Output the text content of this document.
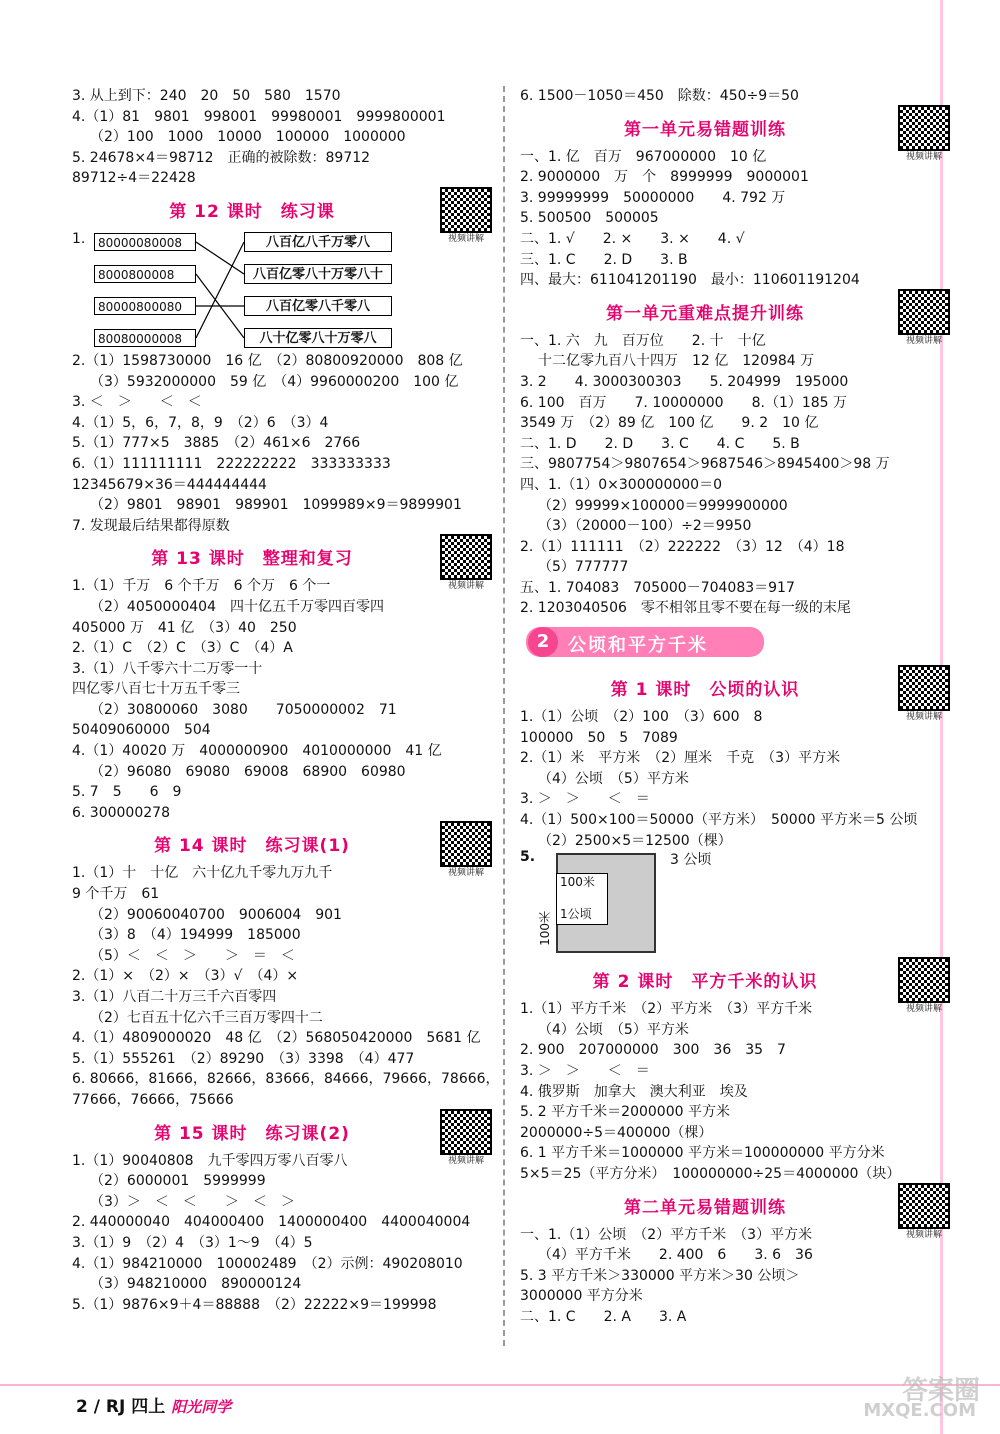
3. 从上到下：240　20　50　580　1570
4.（1）81　9801　998001　99980001　9999800001
（2）100　1000　10000　100000　1000000
5. 24678×4＝98712　正确的被除数：89712
89712÷4＝22428
第 12 课时　练习课
视频讲解
1.	80000080008
8000800008
80000800080
80080000008
八百亿八千万零八
八百亿零八十万零八十
八百亿零八千零八
八十亿零八十万零八
2.（1）1598730000　16 亿　（2）80800920000　808 亿
（3）5932000000　59 亿　（4）9960000200　100 亿
3. ＜　＞　　＜　＜
4.（1）5，6，7，8，9　（2）6　（3）4
5.（1）777×5　3885　（2）461×6　2766
6.（1）111111111　222222222　333333333
12345679×36＝444444444
（2）9801　98901　989901　1099989×9＝9899901
7. 发现最后结果都得原数
第 13 课时　整理和复习
视频讲解
1.（1）千万　6 个千万　6 个万　6 个一
（2）4050000404　四十亿五千万零四百零四
405000 万　41 亿　（3）40　250
2.（1）C　（2）C　（3）C　（4）A
3.（1）八千零六十二万零一十
四亿零八百七十万五千零三
（2）30800060　3080　　7050000002　71
50409060000　504
4.（1）40020 万　4000000900　4010000000　41 亿
（2）96080　69080　69008　68900　60980
5. 7　5　　6　9
6. 300000278
第 14 课时　练习课(1)
视频讲解
1.（1）十　十亿　六十亿九千零九万九千
9 个千万　61
（2）90060040700　9006004　901
（3）8　（4）194999　185000
（5）＜　＜　＞　　＞　＝　＜
2.（1）×　（2）×　（3）√　（4）×
3.（1）八百二十万三千六百零四
（2）七百五十亿六千三百万零四十二
4.（1）4809000020　48 亿　（2）568050420000　5681 亿
5.（1）555261　（2）89290　（3）3398　（4）477
6. 80666，81666，82666，83666，84666，79666，78666，
77666，76666，75666
第 15 课时　练习课(2)
视频讲解
1.（1）90040808　九千零四万零八百零八
（2）6000001　5999999
（3）＞　＜　＜　　＞　＜　＞
2. 440000040　404000400　1400000400　4400040004
3.（1）9　（2）4　（3）1～9　（4）5
4.（1）984210000　100002489　（2）示例：490208010
（3）948210000　890000124
5.（1）9876×9＋4＝88888　（2）22222×9＝199998
6. 1500－1050＝450　除数：450÷9＝50
第一单元易错题训练
视频讲解
一、1. 亿　百万　967000000　10 亿
2. 9000000　万　个　8999999　9000001
3. 99999999　50000000　　4. 792 万
5. 500500　500005
二、1. √　　2. ×　　3. ×　　4. √
三、1. C　　2. D　　3. B
四、最大：611041201190　最小：110601191204
第一单元重难点提升训练
视频讲解
一、1. 六　九　百万位　　2. 十　十亿
十二亿零九百八十四万　12 亿　120984 万
3. 2　　4. 3000300303　　5. 204999　195000
6. 100　百万　　7. 10000000　　8.（1）185 万
3549 万　（2）89 亿　100 亿　　9. 2　10 亿
二、1. D　　2. D　　3. C　　4. C　　5. B
三、9807754＞9807654＞9687546＞8945400＞98 万
四、1.（1）0×300000000＝0
（2）99999×100000＝9999900000
（3）（20000－100）÷2＝9950
2.（1）111111　（2）222222　（3）12　（4）18
（5）777777
五、1. 704083　705000－704083＝917
2. 1203040506　零不相邻且零不要在每一级的末尾
2	公顷和平方千米
第 1 课时　公顷的认识
视频讲解
1.（1）公顷　（2）100　（3）600　8
100000　50　5　7089
2.（1）米　平方米　（2）厘米　千克　（3）平方米
（4）公顷　（5）平方米
3. ＞　＞　　＜　＝
4.（1）500×100＝50000（平方米）　50000 平方米＝5 公顷
（2）2500×5＝12500（棵）
5.	3 公顷
100米
1公顷
100米
第 2 课时　平方千米的认识
视频讲解
1.（1）平方千米　（2）平方米　（3）平方千米
（4）公顷　（5）平方米
2. 900　207000000　300　36　35　7
3. ＞　＞　　＜　＝
4. 俄罗斯　加拿大　澳大利亚　埃及
5. 2 平方千米＝2000000 平方米
2000000÷5＝400000（棵）
6. 1 平方千米＝1000000 平方米＝100000000 平方分米
5×5＝25（平方分米）　100000000÷25＝4000000（块）
第二单元易错题训练
视频讲解
一、1.（1）公顷　（2）平方千米　（3）平方米
（4）平方千米　　2. 400　6　　3. 6　36
5. 3 平方千米＞330000 平方米＞30 公顷＞
3000000 平方分米
二、1. C　　2. A　　3. A
2 / RJ 四上 阳光同学
答案圈
MXQE.COM
